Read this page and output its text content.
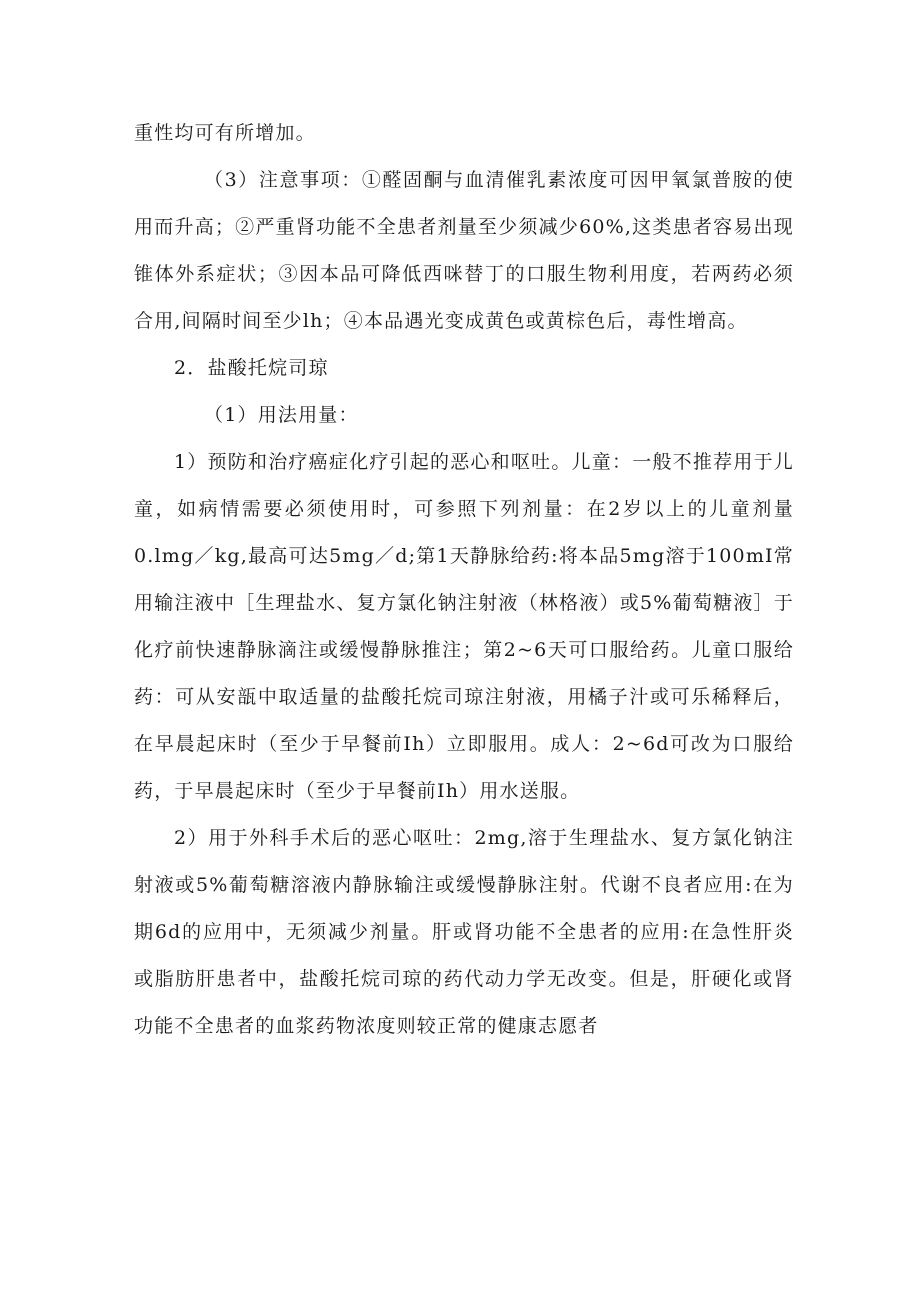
重性均可有所增加。

（3）注意事项：①醛固酮与血清催乳素浓度可因甲氧氯普胺的使用而升高；②严重肾功能不全患者剂量至少须减少60%,这类患者容易出现锥体外系症状；③因本品可降低西咪替丁的口服生物利用度，若两药必须合用,间隔时间至少lh；④本品遇光变成黄色或黄棕色后，毒性增高。

2．盐酸托烷司琼

（1）用法用量：

1）预防和治疗癌症化疗引起的恶心和呕吐。儿童：一般不推荐用于儿童，如病情需要必须使用时，可参照下列剂量：在2岁以上的儿童剂量0.lmg／kg,最高可达5mg／d;第1天静脉给药:将本品5mg溶于100mI常用输注液中［生理盐水、复方氯化钠注射液（林格液）或5%葡萄糖液］于化疗前快速静脉滴注或缓慢静脉推注；第2~6天可口服给药。儿童口服给药：可从安瓿中取适量的盐酸托烷司琼注射液，用橘子汁或可乐稀释后，在早晨起床时（至少于早餐前Ih）立即服用。成人：2~6d可改为口服给药，于早晨起床时（至少于早餐前Ih）用水送服。

2）用于外科手术后的恶心呕吐：2mg,溶于生理盐水、复方氯化钠注射液或5%葡萄糖溶液内静脉输注或缓慢静脉注射。代谢不良者应用:在为期6d的应用中，无须减少剂量。肝或肾功能不全患者的应用:在急性肝炎或脂肪肝患者中，盐酸托烷司琼的药代动力学无改变。但是，肝硬化或肾功能不全患者的血浆药物浓度则较正常的健康志愿者
